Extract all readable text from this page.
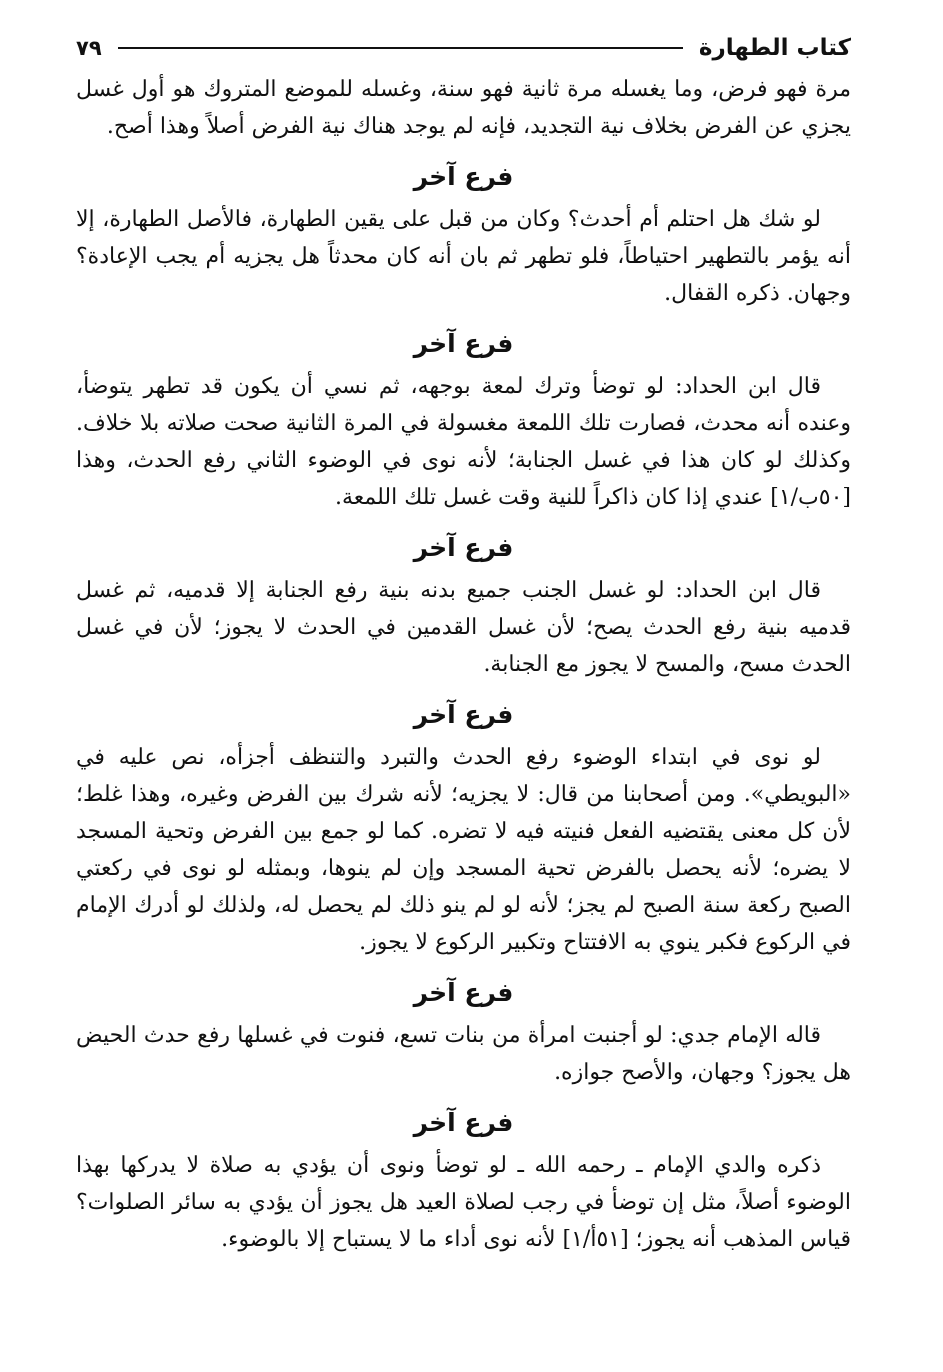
كتاب الطهارة
٧٩

مرة فهو فرض، وما يغسله مرة ثانية فهو سنة، وغسله للموضع المتروك هو أول غسل يجزي عن الفرض بخلاف نية التجديد، فإنه لم يوجد هناك نية الفرض أصلاً وهذا أصح.

فرع آخر

لو شك هل احتلم أم أحدث؟ وكان من قبل على يقين الطهارة، فالأصل الطهارة، إلا أنه يؤمر بالتطهير احتياطاً، فلو تطهر ثم بان أنه كان محدثاً هل يجزيه أم يجب الإعادة؟ وجهان. ذكره القفال.

فرع آخر

قال ابن الحداد: لو توضأ وترك لمعة بوجهه، ثم نسي أن يكون قد تطهر يتوضأ، وعنده أنه محدث، فصارت تلك اللمعة مغسولة في المرة الثانية صحت صلاته بلا خلاف. وكذلك لو كان هذا في غسل الجنابة؛ لأنه نوى في الوضوء الثاني رفع الحدث، وهذا [٥٠ب/١] عندي إذا كان ذاكراً للنية وقت غسل تلك اللمعة.

فرع آخر

قال ابن الحداد: لو غسل الجنب جميع بدنه بنية رفع الجنابة إلا قدميه، ثم غسل قدميه بنية رفع الحدث يصح؛ لأن غسل القدمين في الحدث لا يجوز؛ لأن في غسل الحدث مسح، والمسح لا يجوز مع الجنابة.

فرع آخر

لو نوى في ابتداء الوضوء رفع الحدث والتبرد والتنظف أجزأه، نص عليه في «البويطي». ومن أصحابنا من قال: لا يجزيه؛ لأنه شرك بين الفرض وغيره، وهذا غلط؛ لأن كل معنى يقتضيه الفعل فنيته فيه لا تضره. كما لو جمع بين الفرض وتحية المسجد لا يضره؛ لأنه يحصل بالفرض تحية المسجد وإن لم ينوها، وبمثله لو نوى في ركعتي الصبح ركعة سنة الصبح لم يجز؛ لأنه لو لم ينو ذلك لم يحصل له، ولذلك لو أدرك الإمام في الركوع فكبر ينوي به الافتتاح وتكبير الركوع لا يجوز.

فرع آخر

قاله الإمام جدي: لو أجنبت امرأة من بنات تسع، فنوت في غسلها رفع حدث الحيض هل يجوز؟ وجهان، والأصح جوازه.

فرع آخر

ذكره والدي الإمام ـ رحمه الله ـ لو توضأ ونوى أن يؤدي به صلاة لا يدركها بهذا الوضوء أصلاً، مثل إن توضأ في رجب لصلاة العيد هل يجوز أن يؤدي به سائر الصلوات؟ قياس المذهب أنه يجوز؛ [٥١أ/١] لأنه نوى أداء ما لا يستباح إلا بالوضوء.
